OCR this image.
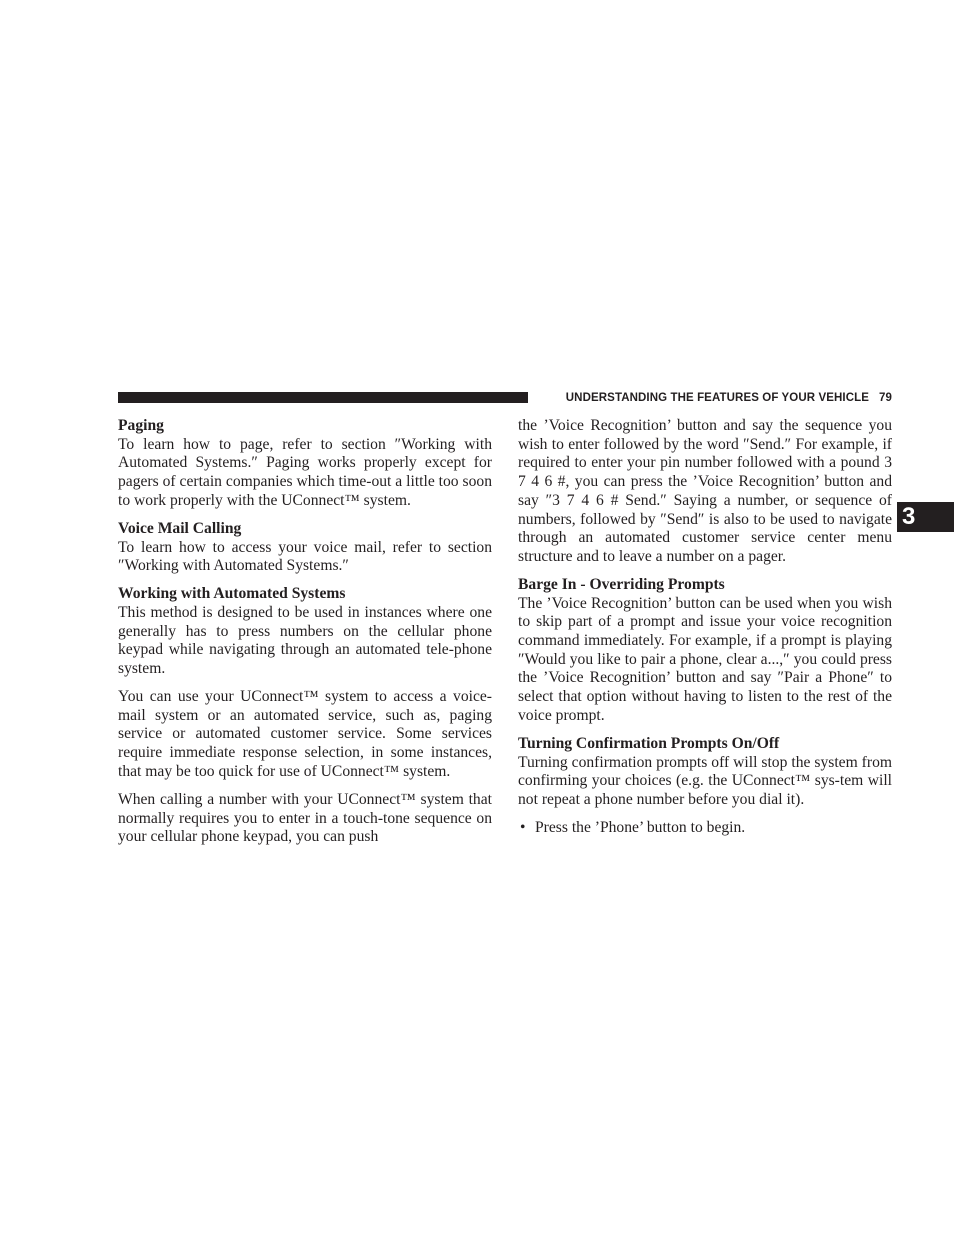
UNDERSTANDING THE FEATURES OF YOUR VEHICLE 79
3
Paging

To learn how to page, refer to section ″Working with Automated Systems.″ Paging works properly except for pagers of certain companies which time-out a little too soon to work properly with the UConnect™ system.

Voice Mail Calling

To learn how to access your voice mail, refer to section ″Working with Automated Systems.″

Working with Automated Systems

This method is designed to be used in instances where one generally has to press numbers on the cellular phone keypad while navigating through an automated tele-phone system.

You can use your UConnect™ system to access a voice-mail system or an automated service, such as, paging service or automated customer service. Some services require immediate response selection, in some instances, that may be too quick for use of UConnect™ system.

When calling a number with your UConnect™ system that normally requires you to enter in a touch-tone sequence on your cellular phone keypad, you can push

the ’Voice Recognition’ button and say the sequence you wish to enter followed by the word ″Send.″ For example, if required to enter your pin number followed with a pound 3 7 4 6 #, you can press the ’Voice Recognition’ button and say ″3 7 4 6 # Send.″ Saying a number, or sequence of numbers, followed by ″Send″ is also to be used to navigate through an automated customer service center menu structure and to leave a number on a pager.

Barge In - Overriding Prompts

The ’Voice Recognition’ button can be used when you wish to skip part of a prompt and issue your voice recognition command immediately. For example, if a prompt is playing ″Would you like to pair a phone, clear a...,″ you could press the ’Voice Recognition’ button and say ″Pair a Phone″ to select that option without having to listen to the rest of the voice prompt.

Turning Confirmation Prompts On/Off

Turning confirmation prompts off will stop the system from confirming your choices (e.g. the UConnect™ sys-tem will not repeat a phone number before you dial it).

• Press the ’Phone’ button to begin.
